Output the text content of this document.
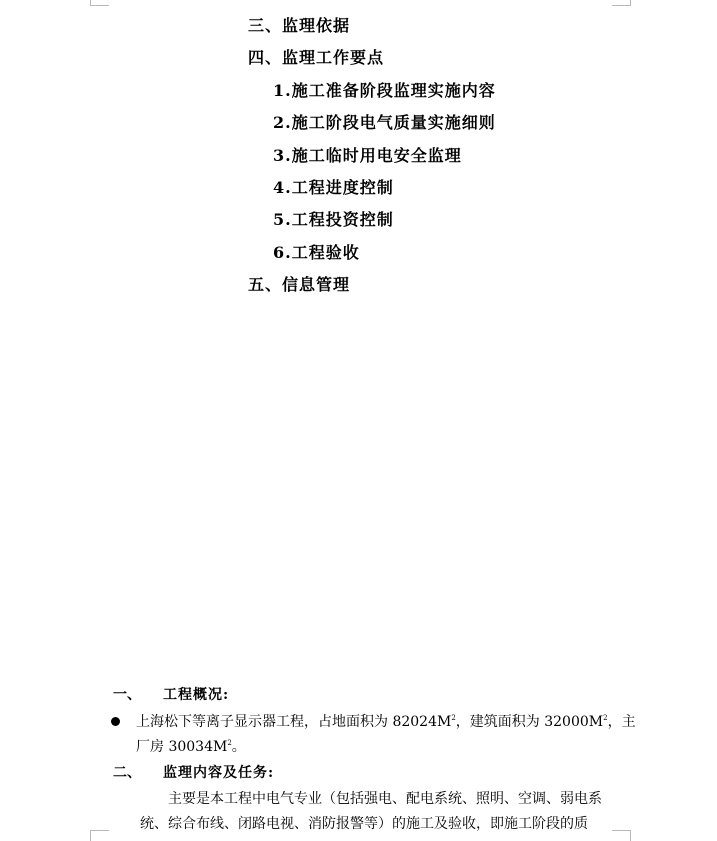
三、监理依据
四、监理工作要点
1.施工准备阶段监理实施内容
2.施工阶段电气质量实施细则
3.施工临时用电安全监理
4.工程进度控制
5.工程投资控制
6.工程验收
五、信息管理
一、 工程概况:
上海松下等离子显示器工程，占地面积为 $82024M^2$，建筑面积为 $32000M^2$，主
厂房 $30034M^2$。
二、 监理内容及任务:
主要是本工程中电气专业（包括强电、配电系统、照明、空调、弱电系
统、综合布线、闭路电视、消防报警等）的施工及验收，即施工阶段的质
